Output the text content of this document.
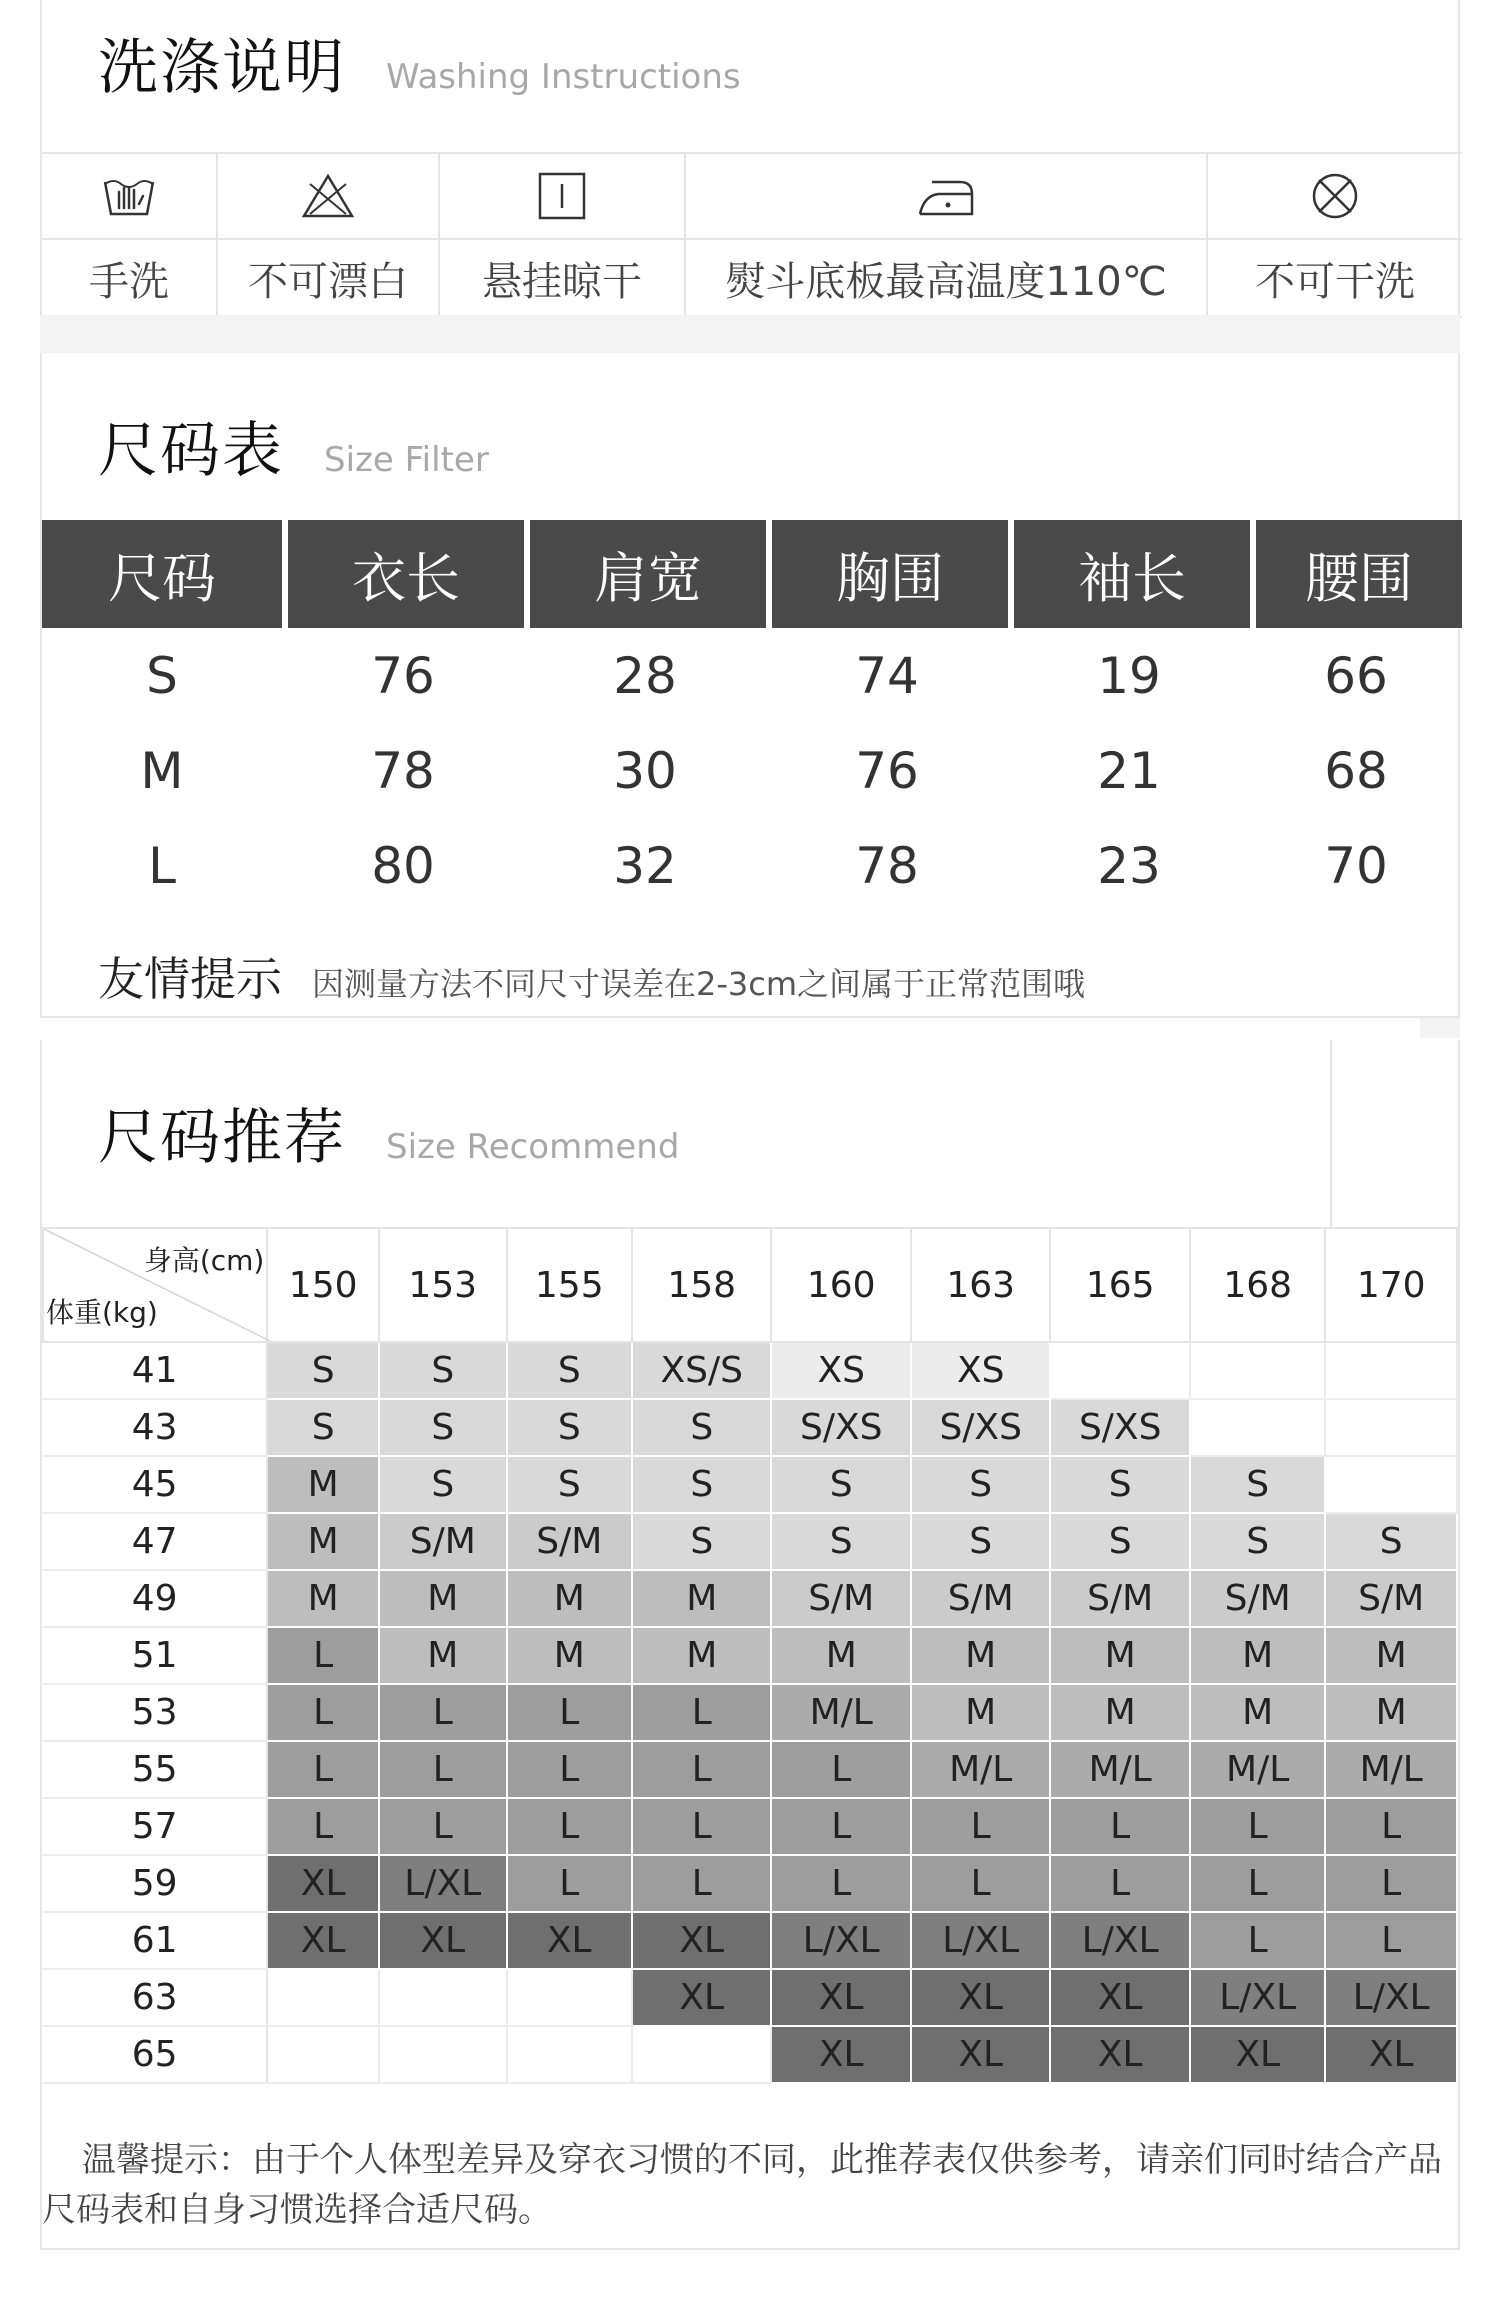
洗涤说明 Washing Instructions
手洗	不可漂白	悬挂晾干	熨斗底板最高温度110℃	不可干洗
尺码表 Size Filter
尺码	衣长	肩宽	胸围	袖长	腰围
S	76	28	74	19	66
M	78	30	76	21	68
L	80	32	78	23	70
友情提示 因测量方法不同尺寸误差在2-3cm之间属于正常范围哦
尺码推荐 Size Recommend
身高(cm)
体重(kg)	150	153	155	158	160	163	165	168	170
41	S	S	S	XS/S	XS	XS			
43	S	S	S	S	S/XS	S/XS	S/XS		
45	M	S	S	S	S	S	S	S	
47	M	S/M	S/M	S	S	S	S	S	S
49	M	M	M	M	S/M	S/M	S/M	S/M	S/M
51	L	M	M	M	M	M	M	M	M
53	L	L	L	L	M/L	M	M	M	M
55	L	L	L	L	L	M/L	M/L	M/L	M/L
57	L	L	L	L	L	L	L	L	L
59	XL	L/XL	L	L	L	L	L	L	L
61	XL	XL	XL	XL	L/XL	L/XL	L/XL	L	L
63				XL	XL	XL	XL	L/XL	L/XL
65					XL	XL	XL	XL	XL
温馨提示：由于个人体型差异及穿衣习惯的不同，此推荐表仅供参考，请亲们同时结合产品尺码表和自身习惯选择合适尺码。
